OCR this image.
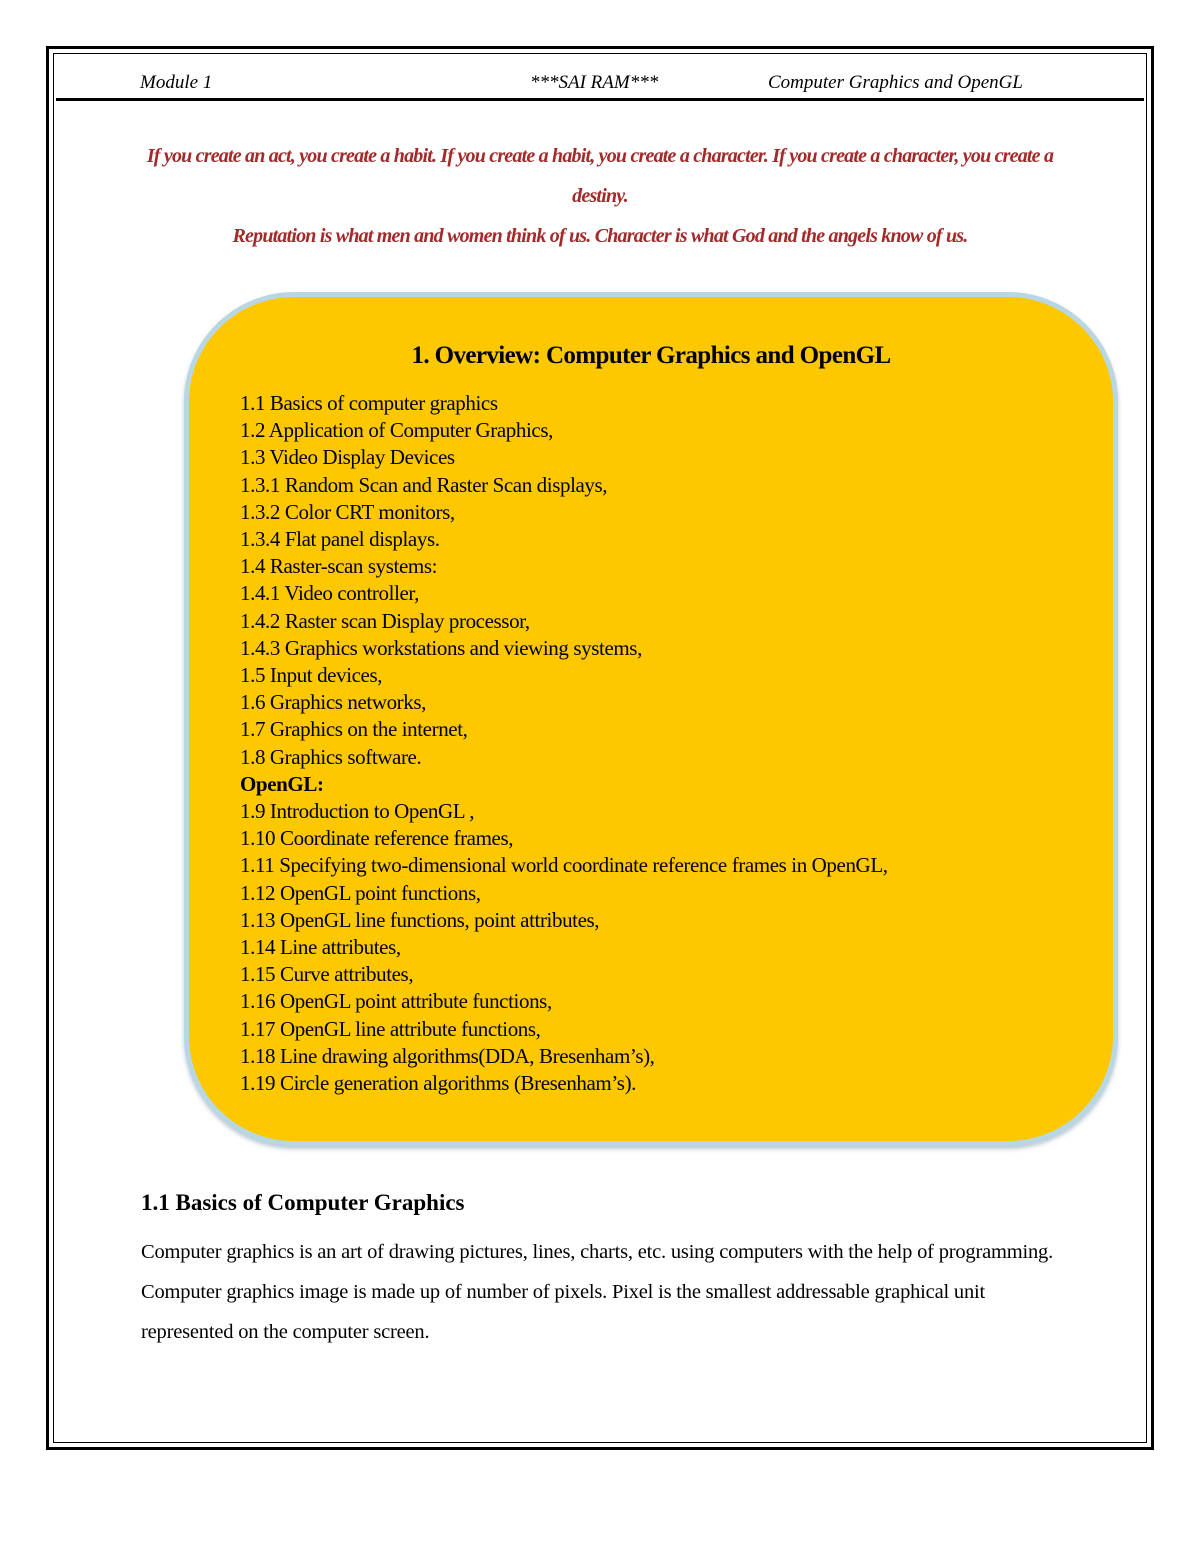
Module 1	***SAI RAM***	Computer Graphics and OpenGL
If you create an act, you create a habit. If you create a habit, you create a character. If you create a character, you create a destiny.
Reputation is what men and women think of us. Character is what God and the angels know of us.
1. Overview: Computer Graphics and OpenGL
1.1 Basics of computer graphics
1.2 Application of Computer Graphics,
1.3 Video Display Devices
1.3.1 Random Scan and Raster Scan displays,
1.3.2 Color CRT monitors,
1.3.4 Flat panel displays.
1.4 Raster-scan systems:
1.4.1 Video controller,
1.4.2 Raster scan Display processor,
1.4.3 Graphics workstations and viewing systems,
1.5 Input devices,
1.6 Graphics networks,
1.7 Graphics on the internet,
1.8 Graphics software.
OpenGL:
1.9 Introduction to OpenGL ,
1.10 Coordinate reference frames,
1.11 Specifying two-dimensional world coordinate reference frames in OpenGL,
1.12 OpenGL point functions,
1.13 OpenGL line functions, point attributes,
1.14 Line attributes,
1.15 Curve attributes,
1.16 OpenGL point attribute functions,
1.17 OpenGL line attribute functions,
1.18 Line drawing algorithms(DDA, Bresenham’s),
1.19 Circle generation algorithms (Bresenham’s).
1.1 Basics of Computer Graphics
Computer graphics is an art of drawing pictures, lines, charts, etc. using computers with the help of programming. Computer graphics image is made up of number of pixels. Pixel is the smallest addressable graphical unit represented on the computer screen.
